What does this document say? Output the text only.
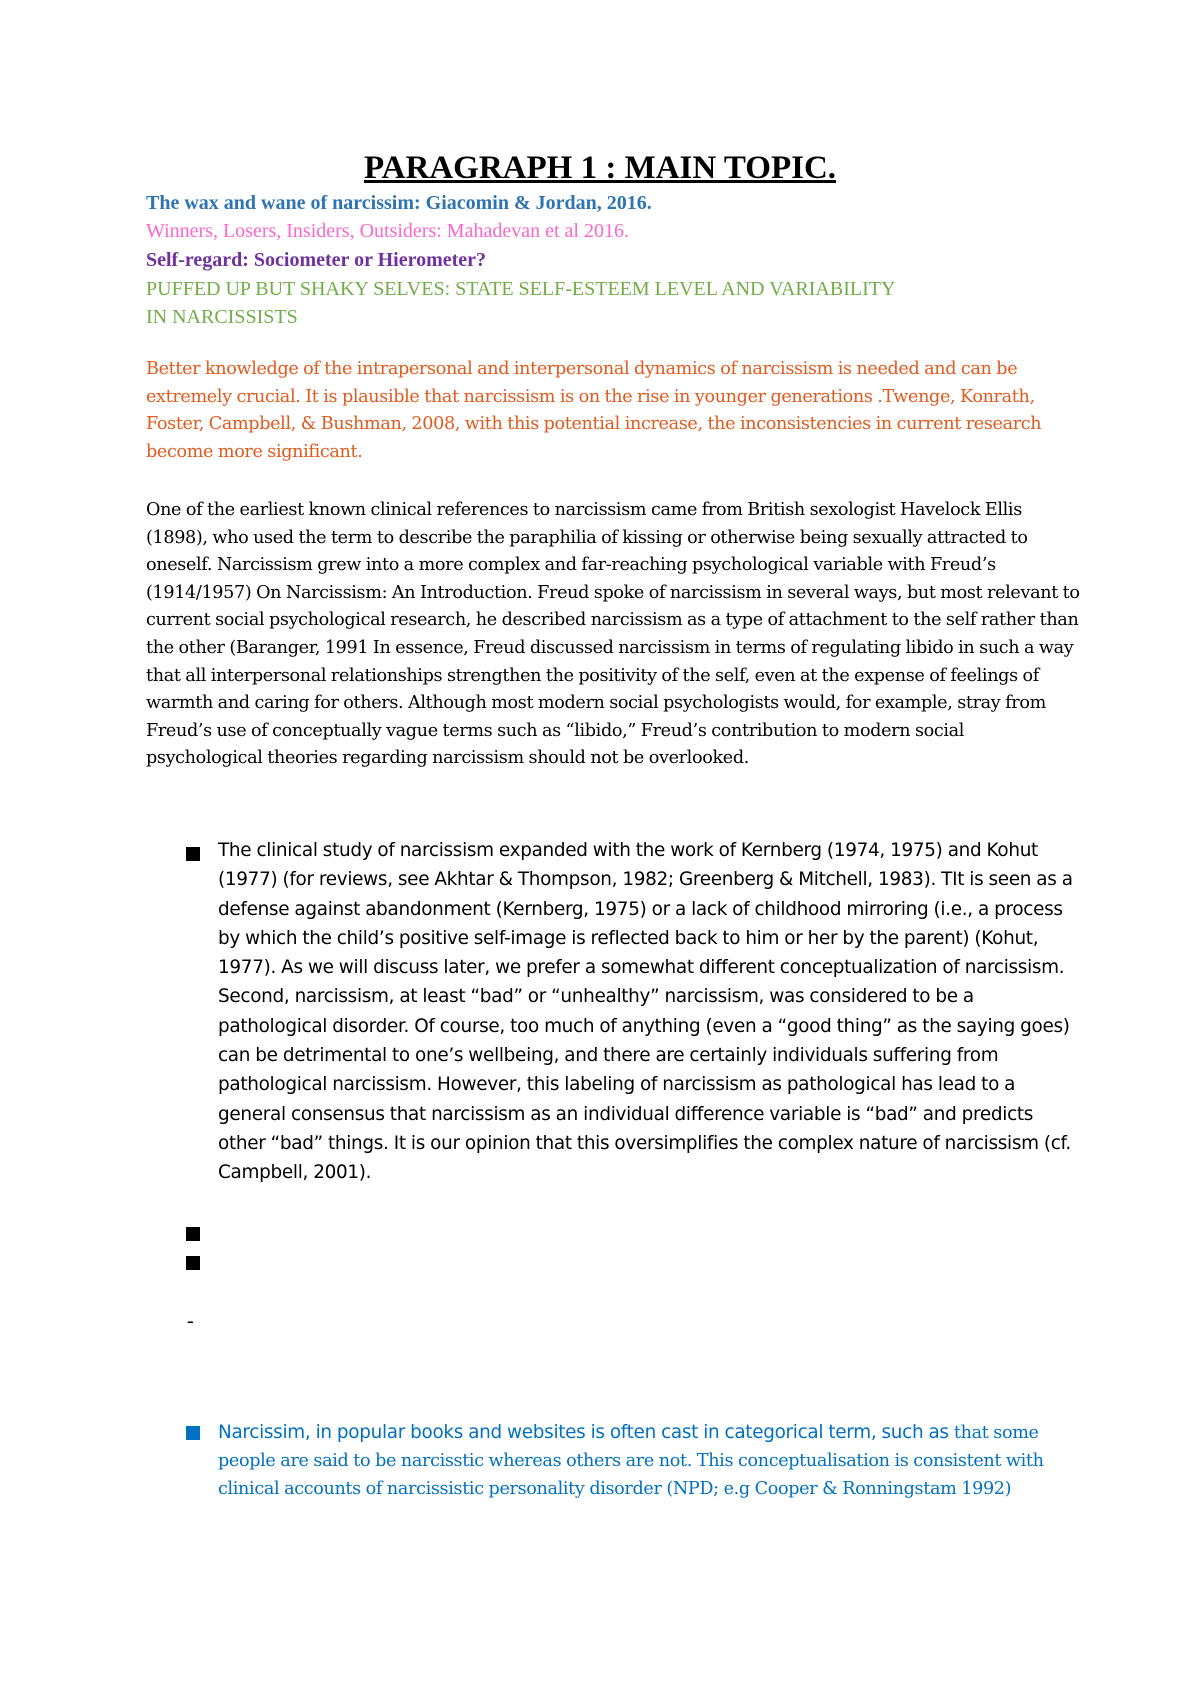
PARAGRAPH 1 : MAIN TOPIC.

The wax and wane of narcissim: Giacomin & Jordan, 2016.

Winners, Losers, Insiders, Outsiders: Mahadevan et al 2016.

Self-regard: Sociometer or Hierometer?

PUFFED UP BUT SHAKY SELVES: STATE SELF-ESTEEM LEVEL AND VARIABILITY IN NARCISSISTS

Better knowledge of the intrapersonal and interpersonal dynamics of narcissism is needed and can be extremely crucial. It is plausible that narcissism is on the rise in younger generations .Twenge, Konrath, Foster, Campbell, & Bushman, 2008, with this potential increase, the inconsistencies in current research become more significant.

One of the earliest known clinical references to narcissism came from British sexologist Havelock Ellis (1898), who used the term to describe the paraphilia of kissing or otherwise being sexually attracted to oneself. Narcissism grew into a more complex and far-reaching psychological variable with Freud’s (1914/1957) On Narcissism: An Introduction. Freud spoke of narcissism in several ways, but most relevant to current social psychological research, he described narcissism as a type of attachment to the self rather than the other (Baranger, 1991 In essence, Freud discussed narcissism in terms of regulating libido in such a way that all interpersonal relationships strengthen the positivity of the self, even at the expense of feelings of warmth and caring for others. Although most modern social psychologists would, for example, stray from Freud’s use of conceptually vague terms such as “libido,” Freud’s contribution to modern social psychological theories regarding narcissism should not be overlooked.

The clinical study of narcissism expanded with the work of Kernberg (1974, 1975) and Kohut (1977) (for reviews, see Akhtar & Thompson, 1982; Greenberg & Mitchell, 1983). TIt is seen as a defense against abandonment (Kernberg, 1975) or a lack of childhood mirroring (i.e., a process by which the child’s positive self-image is reflected back to him or her by the parent) (Kohut, 1977). As we will discuss later, we prefer a somewhat different conceptualization of narcissism. Second, narcissism, at least “bad” or “unhealthy” narcissism, was considered to be a pathological disorder. Of course, too much of anything (even a “good thing” as the saying goes) can be detrimental to one’s wellbeing, and there are certainly individuals suffering from pathological narcissism. However, this labeling of narcissism as pathological has lead to a general consensus that narcissism as an individual difference variable is “bad” and predicts other “bad” things. It is our opinion that this oversimplifies the complex nature of narcissism (cf. Campbell, 2001).

-

Narcissim, in popular books and websites is often cast in categorical term, such as that some people are said to be narcisstic whereas others are not. This conceptualisation is consistent with clinical accounts of narcissistic personality disorder (NPD; e.g Cooper & Ronningstam 1992)
